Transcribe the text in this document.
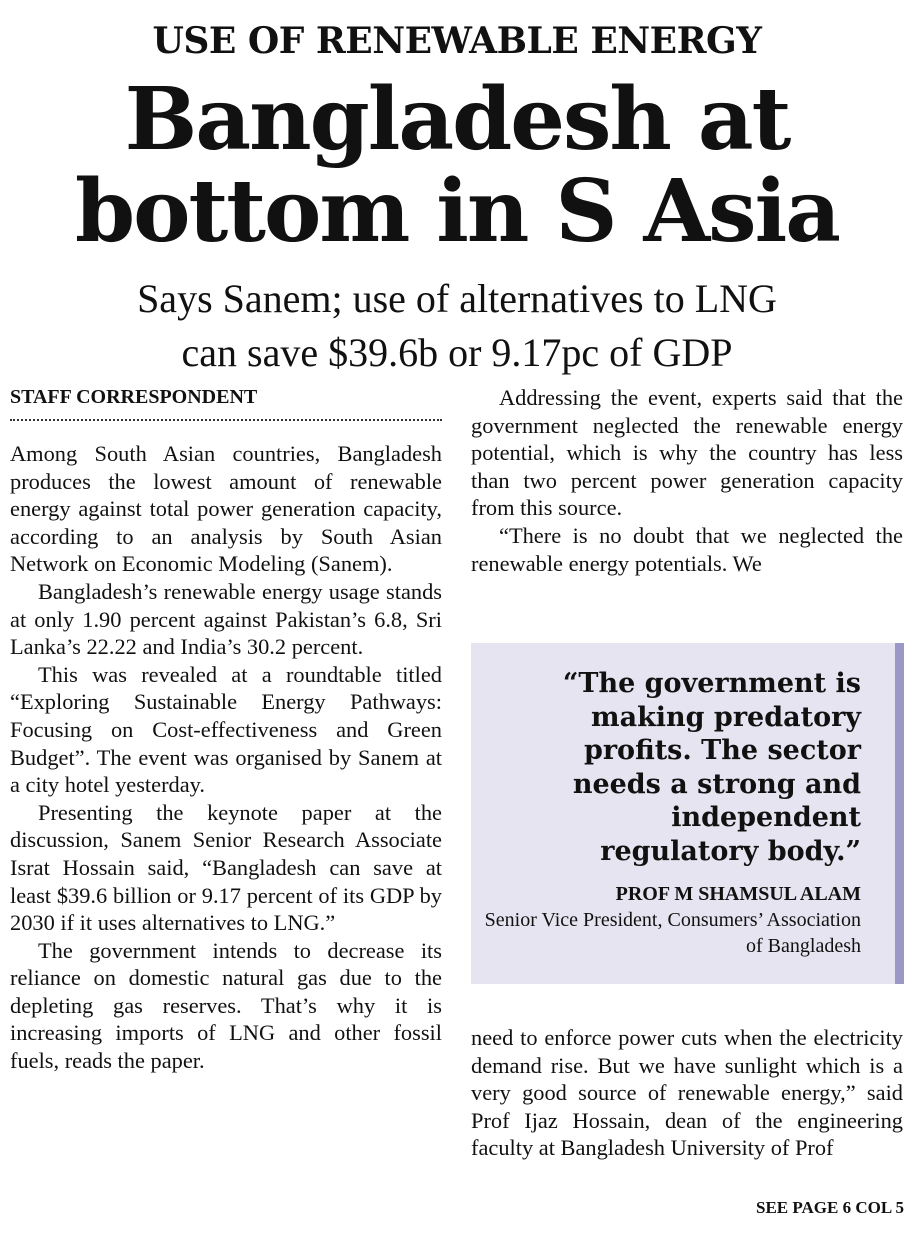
USE OF RENEWABLE ENERGY
Bangladesh at
bottom in S Asia
Says Sanem; use of alternatives to LNG
can save $39.6b or 9.17pc of GDP
STAFF CORRESPONDENT

Among South Asian countries, Bangladesh produces the lowest amount of renewable energy against total power generation capacity, according to an analysis by South Asian Network on Economic Modeling (Sanem).

Bangladesh’s renewable energy usage stands at only 1.90 percent against Pakistan’s 6.8, Sri Lanka’s 22.22 and India’s 30.2 percent.

This was revealed at a roundtable titled “Exploring Sustainable Energy Pathways: Focusing on Cost-effectiveness and Green Budget”. The event was organised by Sanem at a city hotel yesterday.

Presenting the keynote paper at the discussion, Sanem Senior Research Associate Israt Hossain said, “Bangladesh can save at least $39.6 billion or 9.17 percent of its GDP by 2030 if it uses alternatives to LNG.”

The government intends to decrease its reliance on domestic natural gas due to the depleting gas reserves. That’s why it is increasing imports of LNG and other fossil fuels, reads the paper.

Addressing the event, experts said that the government neglected the renewable energy potential, which is why the country has less than two percent power generation capacity from this source.

“There is no doubt that we neglected the renewable energy potentials. We

“The government is making predatory profits. The sector needs a strong and independent regulatory body.”
PROF M SHAMSUL ALAM
Senior Vice President, Consumers’ Association of Bangladesh

need to enforce power cuts when the electricity demand rise. But we have sunlight which is a very good source of renewable energy,” said Prof Ijaz Hossain, dean of the engineering faculty at Bangladesh University of Prof

SEE PAGE 6 COL 5
